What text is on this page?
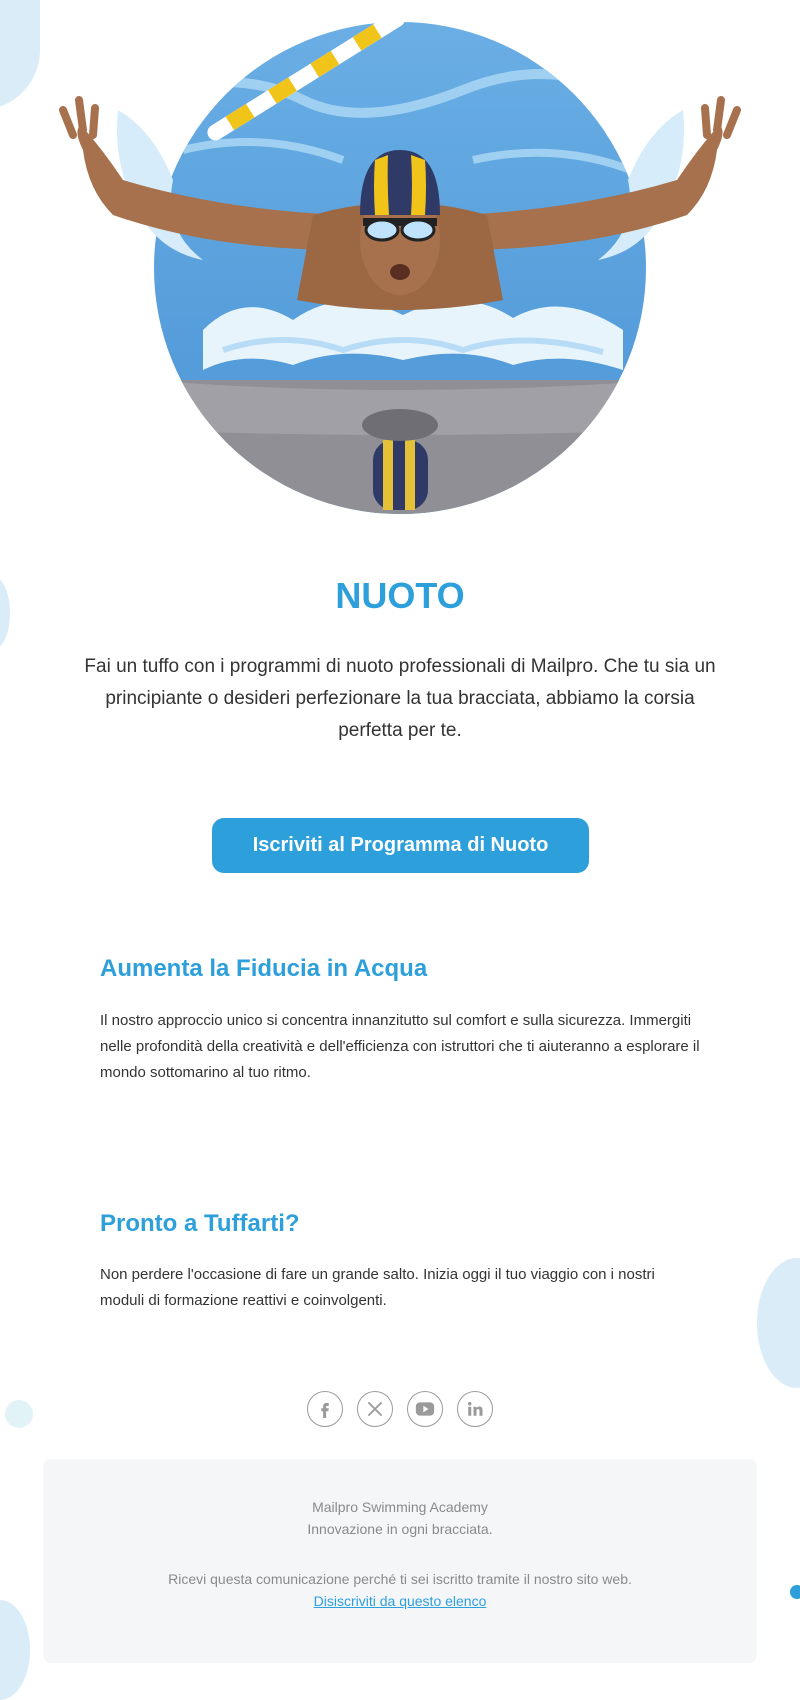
NUOTO

Fai un tuffo con i programmi di nuoto professionali di Mailpro. Che tu sia un principiante o desideri perfezionare la tua bracciata, abbiamo la corsia perfetta per te.

Iscriviti al Programma di Nuoto
Aumenta la Fiducia in Acqua

Il nostro approccio unico si concentra innanzitutto sul comfort e sulla sicurezza. Immergiti nelle profondità della creatività e dell'efficienza con istruttori che ti aiuteranno a esplorare il mondo sottomarino al tuo ritmo.

Pronto a Tuffarti?

Non perdere l'occasione di fare un grande salto. Inizia oggi il tuo viaggio con i nostri moduli di formazione reattivi e coinvolgenti.

Mailpro Swimming Academy

Innovazione in ogni bracciata.

Ricevi questa comunicazione perché ti sei iscritto tramite il nostro sito web.

Disiscriviti da questo elenco
